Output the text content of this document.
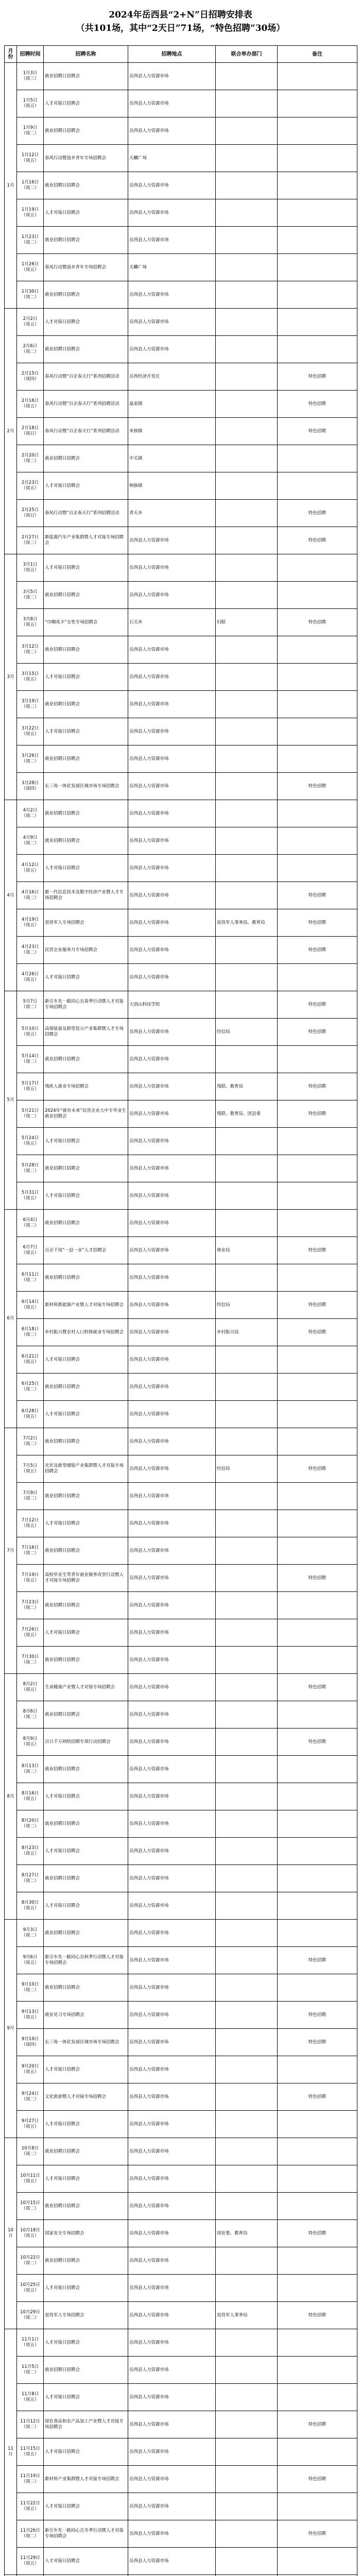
2024年岳西县“2+N”日招聘安排表
（共101场，其中“2天日”71场，“特色招聘”30场）
月份	招聘时间	招聘名称	招聘地点	联合举办部门	备注
1月	1月3日
（周三）	就业招聘日招聘会	岳西县人力资源市场		
	1月5日
（周五）	人才对接日招聘会	岳西县人力资源市场		
	1月9日
（周二）	就业招聘日招聘会	岳西县人力资源市场		
	1月12日
（周五）	春风行动暨返乡青年专场招聘会	天麟广场		
	1月16日
（周二）	就业招聘日招聘会	岳西县人力资源市场		
	1月19日
（周五）	人才对接日招聘会	岳西县人力资源市场		
	1月23日
（周二）	就业招聘日招聘会	岳西县人力资源市场		
	1月26日
（周五）	春风行动暨返乡青年专场招聘会	天麟广场		
	1月30日
（周二）	就业招聘日招聘会	岳西县人力资源市场		
2月	2月2日
（周五）	人才对接日招聘会	岳西县人力资源市场		
	2月6日
（周二）	就业招聘日招聘会	岳西县人力资源市场		
	2月15日
（周四）	春风行动暨“百企春天行”系列招聘活动	岳西经济开发区		特色招聘
	2月16日
（周五）	春风行动暨“百企春天行”系列招聘活动	温泉镇		特色招聘
	2月18日
（周日）	春风行动暨“百企春天行”系列招聘活动	来榜镇		特色招聘
	2月20日
（周二）	就业招聘日招聘会	中关镇		
	2月23日
（周五）	人才对接日招聘会	响肠镇		
	2月25日
（周日）	春风行动暨“百企春天行”系列招聘活动	青天乡		特色招聘
	2月27日
（周二）	新能源汽车产业集群暨人才对接专场招聘会	岳西县人力资源市场		特色招聘
3月	3月1日
（周五）	人才对接日招聘会	岳西县人力资源市场		
	3月5日
（周二）	就业招聘日招聘会	岳西县人力资源市场		
	3月8日
（周五）	“巾帼兆丰”女性专场招聘会	石关乡	妇联	特色招聘
	3月12日
（周二）	就业招聘日招聘会	岳西县人力资源市场		
	3月15日
（周五）	人才对接日招聘会	岳西县人力资源市场		
	3月19日
（周二）	就业招聘日招聘会	岳西县人力资源市场		
	3月22日
（周五）	人才对接日招聘会	岳西县人力资源市场		
	3月26日
（周二）	就业招聘日招聘会	岳西县人力资源市场		
	3月28日
（周四）	长三角一体化发展区域市场专场招聘会	岳西县人力资源市场		特色招聘
4月	4月2日
（周二）	就业招聘日招聘会	岳西县人力资源市场		
	4月9日
（周二）	就业招聘日招聘会	岳西县人力资源市场		
	4月12日
（周五）	人才对接日招聘会	岳西县人力资源市场		
	4月16日
（周二）	新一代信息技术及数字经济产业暨人才专场招聘会	岳西县人力资源市场		特色招聘
	4月19日
（周五）	退役军人专场招聘会	岳西县人力资源市场	退役军人事务局、教育局	特色招聘
	4月23日
（周二）	民营企业服务月专场招聘会	岳西县人力资源市场		特色招聘
	4月26日
（周五）	人才对接日招聘会	岳西县人力资源市场		
5月	5月7日
（周二）	新引车先一路同心且春季行动暨人才对接专场招聘会	大别山科技学院		特色招聘
	5月10日
（周五）	高端装备及新型显示产业集群暨人才专场招聘会	岳西县人力资源市场	经信局	特色招聘
	5月14日
（周二）	就业招聘日招聘会	岳西县人力资源市场		
	5月17日
（周五）	残疾人就业专场招聘会	岳西县人力资源市场	残联、教育局	特色招聘
	5月21日
（周二）	2024年“就有未来”民营企业大中专毕业生就业招聘会	岳西县人力资源市场	残联、教育局、团县委	特色招聘
	5月24日
（周五）	人才对接日招聘会	岳西县人力资源市场		
	5月28日
（周二）	就业招聘日招聘会	岳西县人力资源市场		
	5月31日
（周五）	人才对接日招聘会	岳西县人力资源市场		
6月	6月4日
（周二）	就业招聘日招聘会	岳西县人力资源市场		
	6月7日
（周五）	百企千岗“一县一业”人才招聘会	岳西县人力资源市场	林业局	特色招聘
	6月11日
（周二）	就业招聘日招聘会	岳西县人力资源市场		
	6月14日
（周五）	新材料新能源产业暨人才对接专场招聘会	岳西县人力资源市场	经信局	特色招聘
	6月18日
（周二）	乡村振兴暨农村人口转移就业专场招聘会	岳西县人力资源市场	乡村振兴局	特色招聘
	6月21日
（周五）	人才对接日招聘会	岳西县人力资源市场		
	6月25日
（周二）	就业招聘日招聘会	岳西县人力资源市场		
	6月28日
（周五）	人才对接日招聘会	岳西县人力资源市场		
7月	7月2日
（周二）	就业招聘日招聘会	岳西县人力资源市场		
	7月5日
（周五）	光伏及新型储能产业集群暨人才对接专场招聘会	岳西县人力资源市场	经信局	特色招聘
	7月9日
（周二）	就业招聘日招聘会	岳西县人力资源市场		
	7月12日
（周五）	人才对接日招聘会	岳西县人力资源市场		
	7月16日
（周二）	就业招聘日招聘会	岳西县人力资源市场		
	7月19日
（周五）	高校毕业生等青年就业服务攻坚行动暨人才对接专场招聘会	岳西县人力资源市场		特色招聘
	7月23日
（周二）	就业招聘日招聘会	岳西县人力资源市场		
	7月26日
（周五）	人才对接日招聘会	岳西县人力资源市场		
	7月30日
（周二）	就业招聘日招聘会	岳西县人力资源市场		
8月	8月2日
（周五）	生命健康产业暨人才对接专场招聘会	岳西县人力资源市场		特色招聘
	8月6日
（周二）	就业招聘日招聘会	岳西县人力资源市场		
	8月9日
（周五）	百日千万网络招聘专项行动招聘会	岳西县人力资源市场		特色招聘
	8月13日
（周二）	就业招聘日招聘会	岳西县人力资源市场		
	8月16日
（周五）	人才对接日招聘会	岳西县人力资源市场		
	8月20日
（周二）	就业招聘日招聘会	岳西县人力资源市场		
	8月23日
（周五）	人才对接日招聘会	岳西县人力资源市场		
	8月27日
（周二）	就业招聘日招聘会	岳西县人力资源市场		
	8月30日
（周五）	人才对接日招聘会	岳西县人力资源市场		
9月	9月3日
（周二）	就业招聘日招聘会	岳西县人力资源市场		
	9月6日
（周五）	新引车先一路同心且秋季行动暨人才对接专场招聘会	岳西县人力资源市场		特色招聘
	9月10日
（周二）	就业招聘日招聘会	岳西县人力资源市场		
	9月13日
（周五）	就业见习专场招聘会	岳西县人力资源市场		特色招聘
	9月19日
（周四）	长三角一体化发展区域市场专场招聘会	岳西县人力资源市场		特色招聘
	9月20日
（周五）	人才对接日招聘会	岳西县人力资源市场		
	9月24日
（周二）	文化旅游暨人才对接专场招聘会	岳西县人力资源市场		特色招聘
	9月27日
（周五）	人才对接日招聘会	岳西县人力资源市场		
10月	10月8日
（周二）	就业招聘日招聘会	岳西县人力资源市场		
	10月11日
（周五）	人才对接日招聘会	岳西县人力资源市场		
	10月15日
（周二）	就业招聘日招聘会	岳西县人力资源市场		
	10月18日
（周五）	国家安全专场招聘会	岳西县人力资源市场	国安委、教育局	特色招聘
	10月22日
（周二）	就业招聘日招聘会	岳西县人力资源市场		
	10月25日
（周五）	人才对接日招聘会	岳西县人力资源市场		
	10月29日
（周二）	退役军人专场招聘会	岳西县人力资源市场	退役军人事务局	特色招聘
11月	11月1日
（周五）	人才对接日招聘会	岳西县人力资源市场		
	11月5日
（周二）	就业招聘日招聘会	岳西县人力资源市场		
	11月8日
（周五）	人才对接日招聘会	岳西县人力资源市场		
	11月12日
（周二）	绿色食品和农产品加工产业暨人才对接专场招聘会	岳西县人力资源市场		特色招聘
	11月15日
（周五）	人才对接日招聘会	岳西县人力资源市场		
	11月19日
（周二）	新材料产业集群暨人才对接专场招聘会	岳西县人力资源市场		特色招聘
	11月22日
（周五）	人才对接日招聘会	岳西县人力资源市场		
	11月26日
（周二）	新引车先一路同心且冬季行动暨人才对接专场招聘会	岳西县人力资源市场		特色招聘
	11月29日
（周五）	人才对接日招聘会	岳西县人力资源市场		
